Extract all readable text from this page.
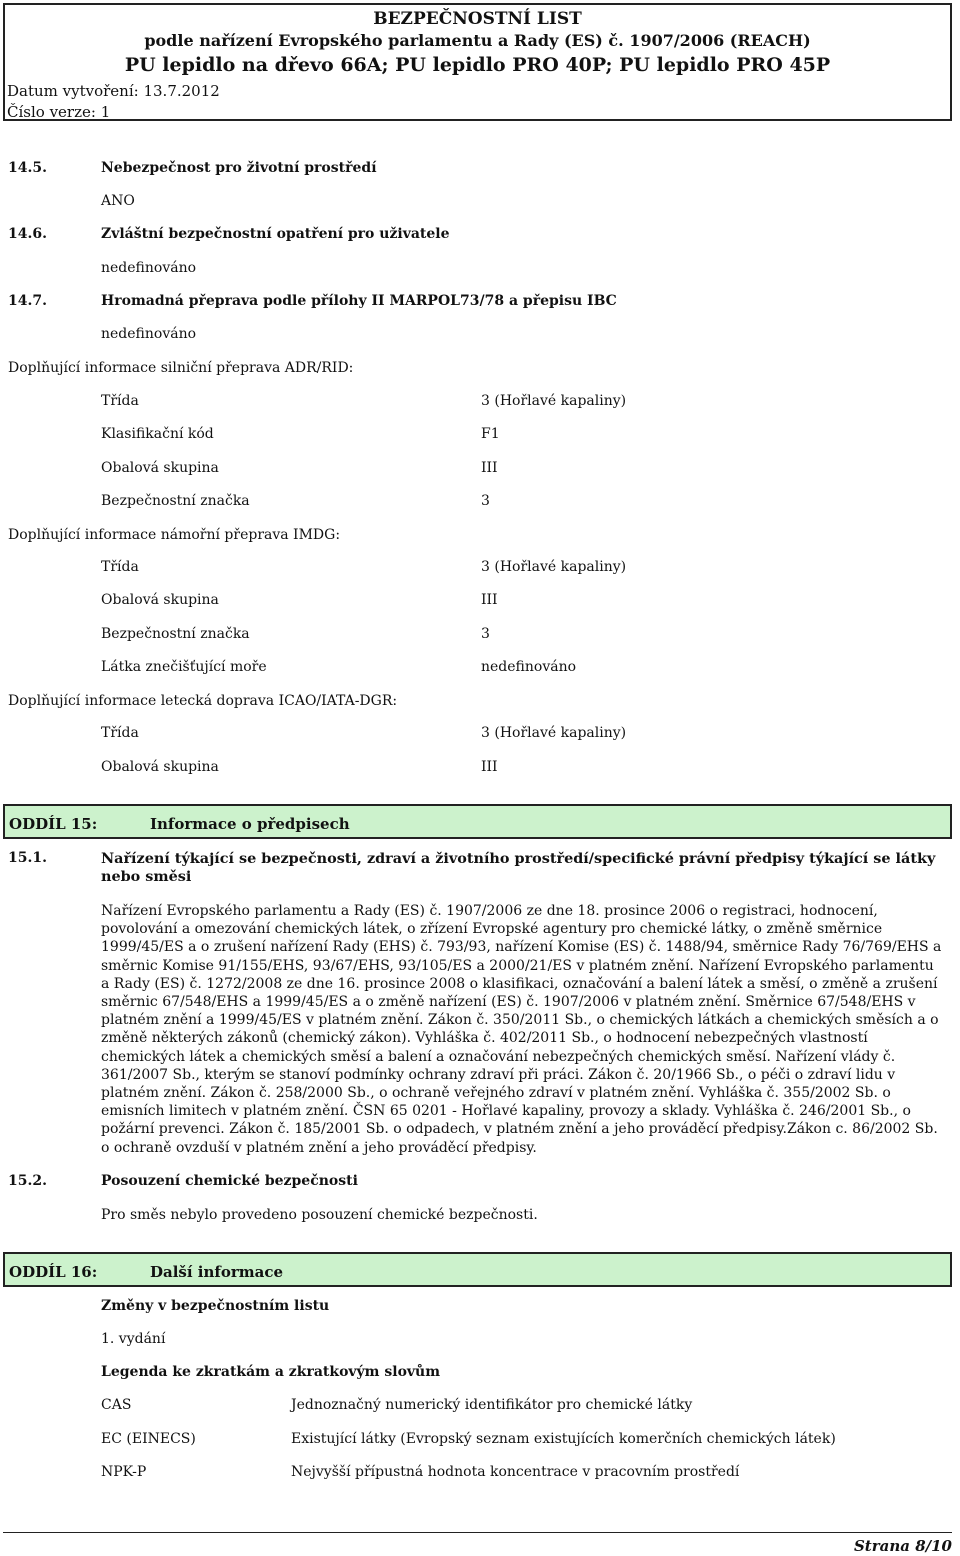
BEZPEČNOSTNÍ LIST
podle nařízení Evropského parlamentu a Rady (ES) č. 1907/2006 (REACH)
PU lepidlo na dřevo 66A; PU lepidlo PRO 40P; PU lepidlo PRO 45P
Datum vytvoření: 13.7.2012
Číslo verze: 1
14.5.	Nebezpečnost pro životní prostředí
ANO
14.6.	Zvláštní bezpečnostní opatření pro uživatele
nedefinováno
14.7.	Hromadná přeprava podle přílohy II MARPOL73/78 a přepisu IBC
nedefinováno
Doplňující informace silniční přeprava ADR/RID:
Třída	3 (Hořlavé kapaliny)
Klasifikační kód	F1
Obalová skupina	III
Bezpečnostní značka	3
Doplňující informace námořní přeprava IMDG:
Třída	3 (Hořlavé kapaliny)
Obalová skupina	III
Bezpečnostní značka	3
Látka znečišťující moře	nedefinováno
Doplňující informace letecká doprava ICAO/IATA-DGR:
Třída	3 (Hořlavé kapaliny)
Obalová skupina	III
ODDÍL 15:	Informace o předpisech
15.1.	Nařízení týkající se bezpečnosti, zdraví a životního prostředí/specifické právní předpisy týkající se látky nebo směsi
Nařízení Evropského parlamentu a Rady (ES) č. 1907/2006 ze dne 18. prosince 2006 o registraci, hodnocení, povolování a omezování chemických látek, o zřízení Evropské agentury pro chemické látky, o změně směrnice 1999/45/ES a o zrušení nařízení Rady (EHS) č. 793/93, nařízení Komise (ES) č. 1488/94, směrnice Rady 76/769/EHS a směrnic Komise 91/155/EHS, 93/67/EHS, 93/105/ES a 2000/21/ES v platném znění. Nařízení Evropského parlamentu a Rady (ES) č. 1272/2008 ze dne 16. prosince 2008 o klasifikaci, označování a balení látek a směsí, o změně a zrušení směrnic 67/548/EHS a 1999/45/ES a o změně nařízení (ES) č. 1907/2006 v platném znění. Směrnice 67/548/EHS v platném znění a 1999/45/ES v platném znění. Zákon č. 350/2011 Sb., o chemických látkách a chemických směsích a o změně některých zákonů (chemický zákon). Vyhláška č. 402/2011 Sb., o hodnocení nebezpečných vlastností chemických látek a chemických směsí a balení a označování nebezpečných chemických směsí. Nařízení vlády č. 361/2007 Sb., kterým se stanoví podmínky ochrany zdraví při práci. Zákon č. 20/1966 Sb., o péči o zdraví lidu v platném znění. Zákon č. 258/2000 Sb., o ochraně veřejného zdraví v platném znění. Vyhláška č. 355/2002 Sb. o emisních limitech v platném znění. ČSN 65 0201 - Hořlavé kapaliny, provozy a sklady. Vyhláška č. 246/2001 Sb., o požární prevenci. Zákon č. 185/2001 Sb. o odpadech, v platném znění a jeho prováděcí předpisy.Zákon c. 86/2002 Sb. o ochraně ovzduší v platném znění a jeho prováděcí předpisy.
15.2.	Posouzení chemické bezpečnosti
Pro směs nebylo provedeno posouzení chemické bezpečnosti.
ODDÍL 16:	Další informace
Změny v bezpečnostním listu
1. vydání
Legenda ke zkratkám a zkratkovým slovům
CAS	Jednoznačný numerický identifikátor pro chemické látky
EC (EINECS)	Existující látky (Evropský seznam existujících komerčních chemických látek)
NPK-P	Nejvyšší přípustná hodnota koncentrace v pracovním prostředí
Strana 8/10
